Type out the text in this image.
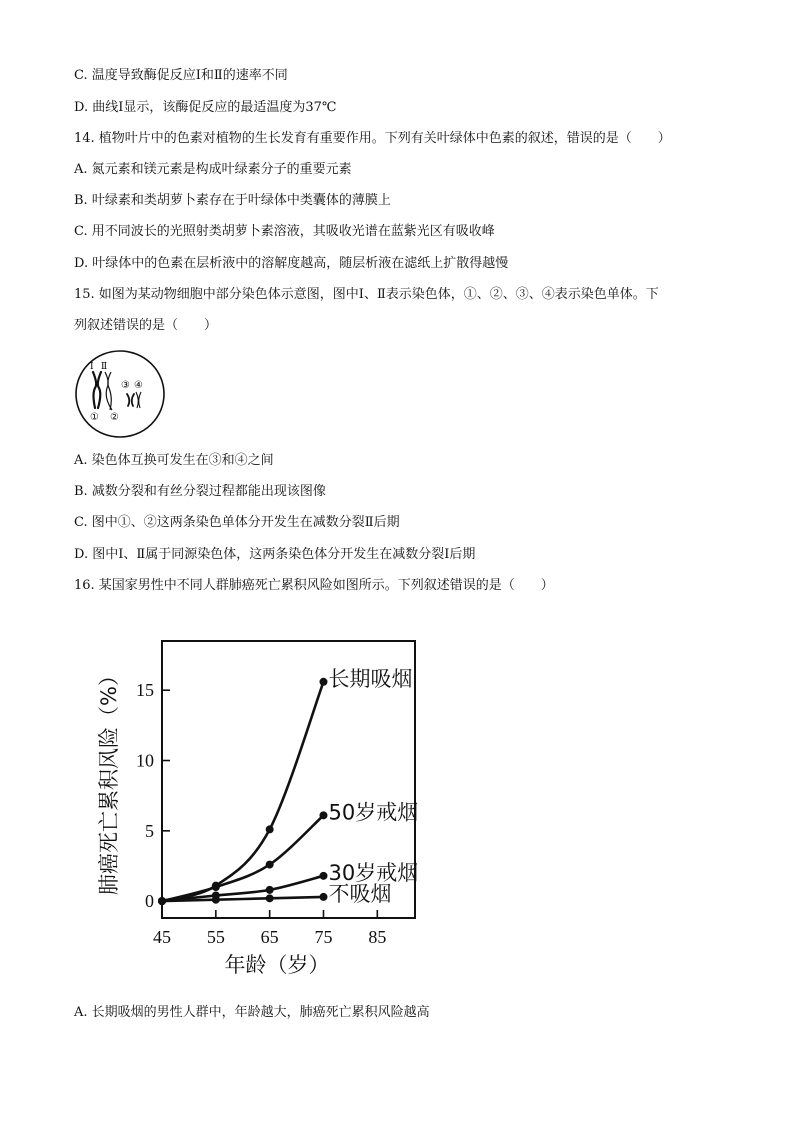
C. 温度导致酶促反应Ⅰ和Ⅱ的速率不同
D. 曲线Ⅰ显示，该酶促反应的最适温度为37℃
14. 植物叶片中的色素对植物的生长发育有重要作用。下列有关叶绿体中色素的叙述，错误的是（　　）
A. 氮元素和镁元素是构成叶绿素分子的重要元素
B. 叶绿素和类胡萝卜素存在于叶绿体中类囊体的薄膜上
C. 用不同波长的光照射类胡萝卜素溶液，其吸收光谱在蓝紫光区有吸收峰
D. 叶绿体中的色素在层析液中的溶解度越高，随层析液在滤纸上扩散得越慢
15. 如图为某动物细胞中部分染色体示意图，图中Ⅰ、Ⅱ表示染色体，①、②、③、④表示染色单体。下
列叙述错误的是（　　）
A. 染色体互换可发生在③和④之间
B. 减数分裂和有丝分裂过程都能出现该图像
C. 图中①、②这两条染色单体分开发生在减数分裂Ⅱ后期
D. 图中Ⅰ、Ⅱ属于同源染色体，这两条染色体分开发生在减数分裂Ⅰ后期
16. 某国家男性中不同人群肺癌死亡累积风险如图所示。下列叙述错误的是（　　）
A. 长期吸烟的男性人群中，年龄越大，肺癌死亡累积风险越高
Ⅰ Ⅱ
③ ④
① ②
0
5
10
15
45 55 65 75 85
长期吸烟
50岁戒烟
30岁戒烟
不吸烟
年龄（岁）
肺癌死亡累积风险（%）
